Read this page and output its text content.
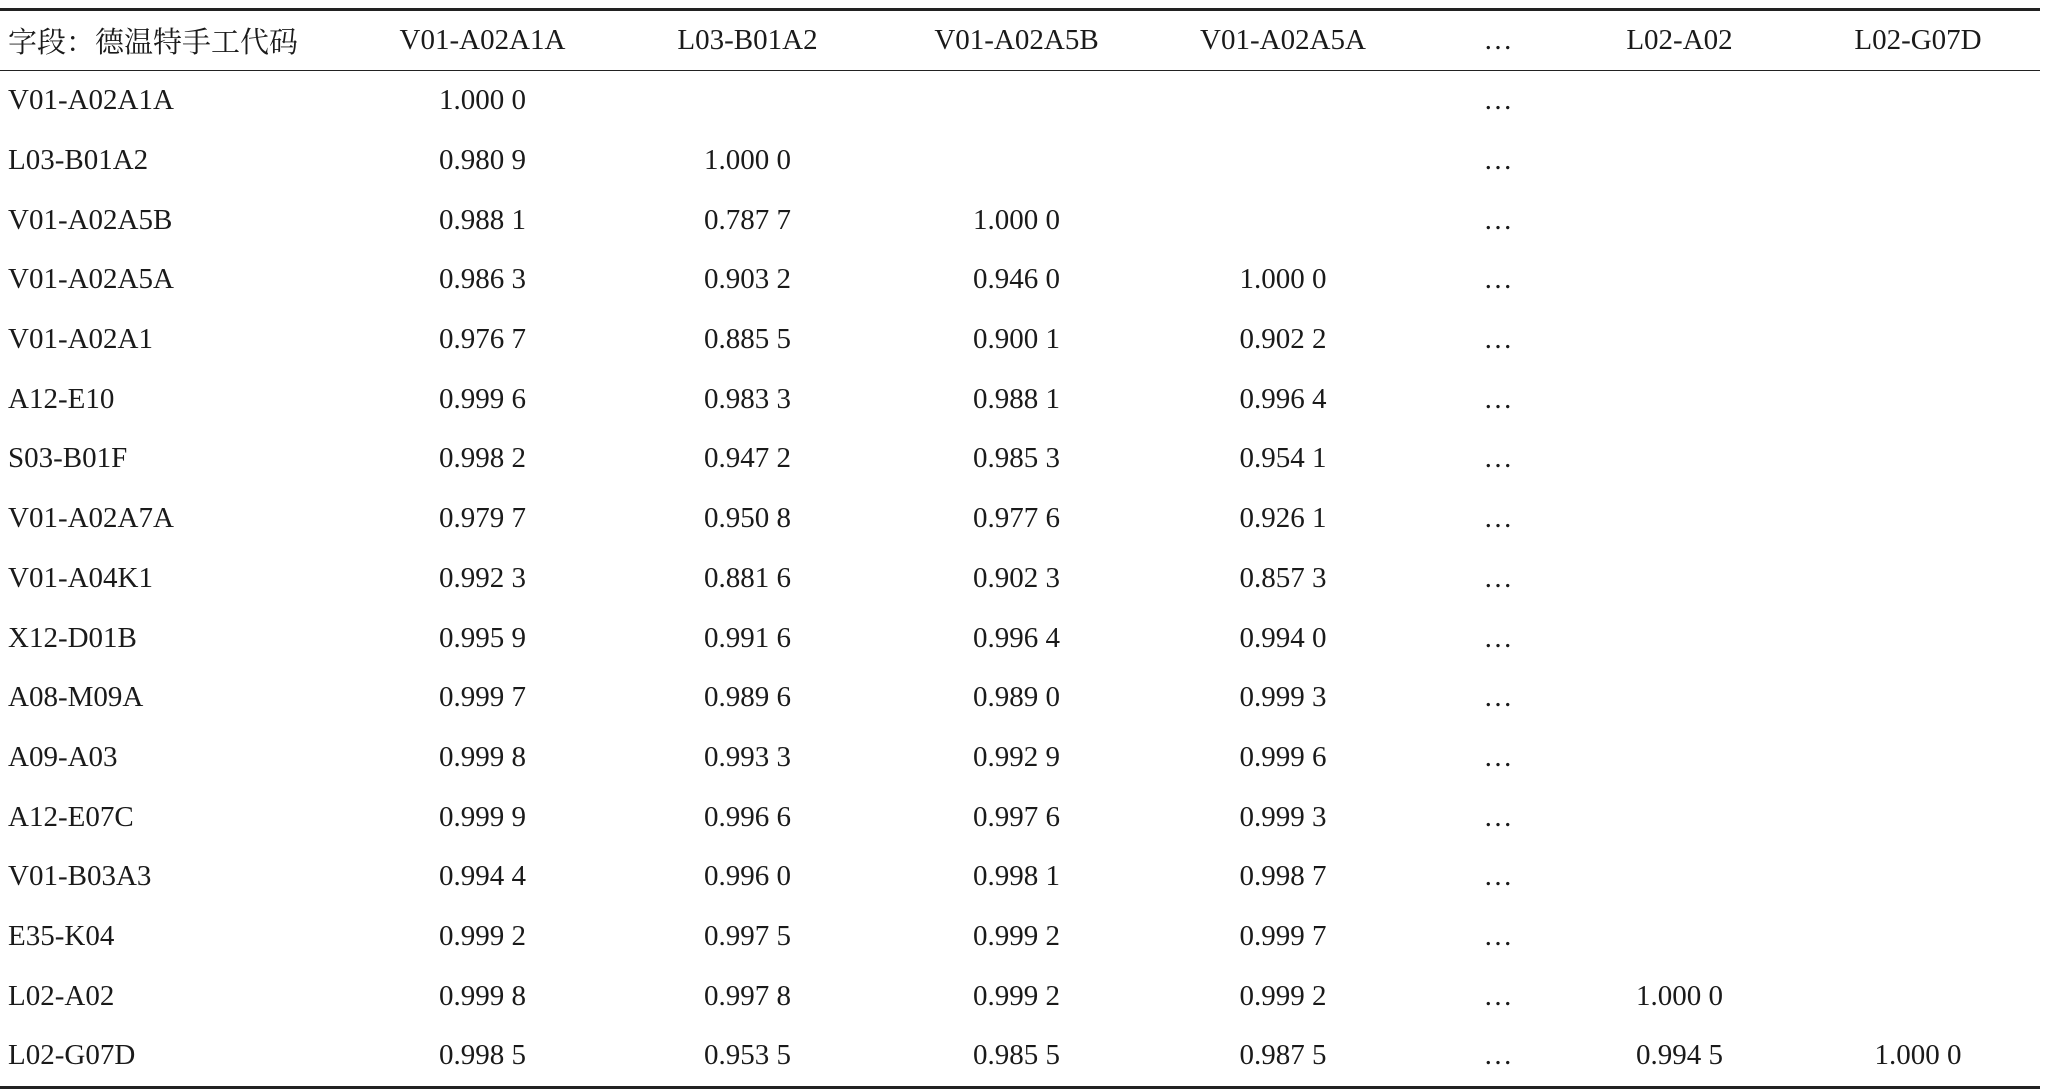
字段：德温特手工代码	V01-A02A1A	L03-B01A2	V01-A02A5B	V01-A02A5A	…	L02-A02	L02-G07D
V01-A02A1A	1.000 0				…		
L03-B01A2	0.980 9	1.000 0			…		
V01-A02A5B	0.988 1	0.787 7	1.000 0		…		
V01-A02A5A	0.986 3	0.903 2	0.946 0	1.000 0	…		
V01-A02A1	0.976 7	0.885 5	0.900 1	0.902 2	…		
A12-E10	0.999 6	0.983 3	0.988 1	0.996 4	…		
S03-B01F	0.998 2	0.947 2	0.985 3	0.954 1	…		
V01-A02A7A	0.979 7	0.950 8	0.977 6	0.926 1	…		
V01-A04K1	0.992 3	0.881 6	0.902 3	0.857 3	…		
X12-D01B	0.995 9	0.991 6	0.996 4	0.994 0	…		
A08-M09A	0.999 7	0.989 6	0.989 0	0.999 3	…		
A09-A03	0.999 8	0.993 3	0.992 9	0.999 6	…		
A12-E07C	0.999 9	0.996 6	0.997 6	0.999 3	…		
V01-B03A3	0.994 4	0.996 0	0.998 1	0.998 7	…		
E35-K04	0.999 2	0.997 5	0.999 2	0.999 7	…		
L02-A02	0.999 8	0.997 8	0.999 2	0.999 2	…	1.000 0	
L02-G07D	0.998 5	0.953 5	0.985 5	0.987 5	…	0.994 5	1.000 0
